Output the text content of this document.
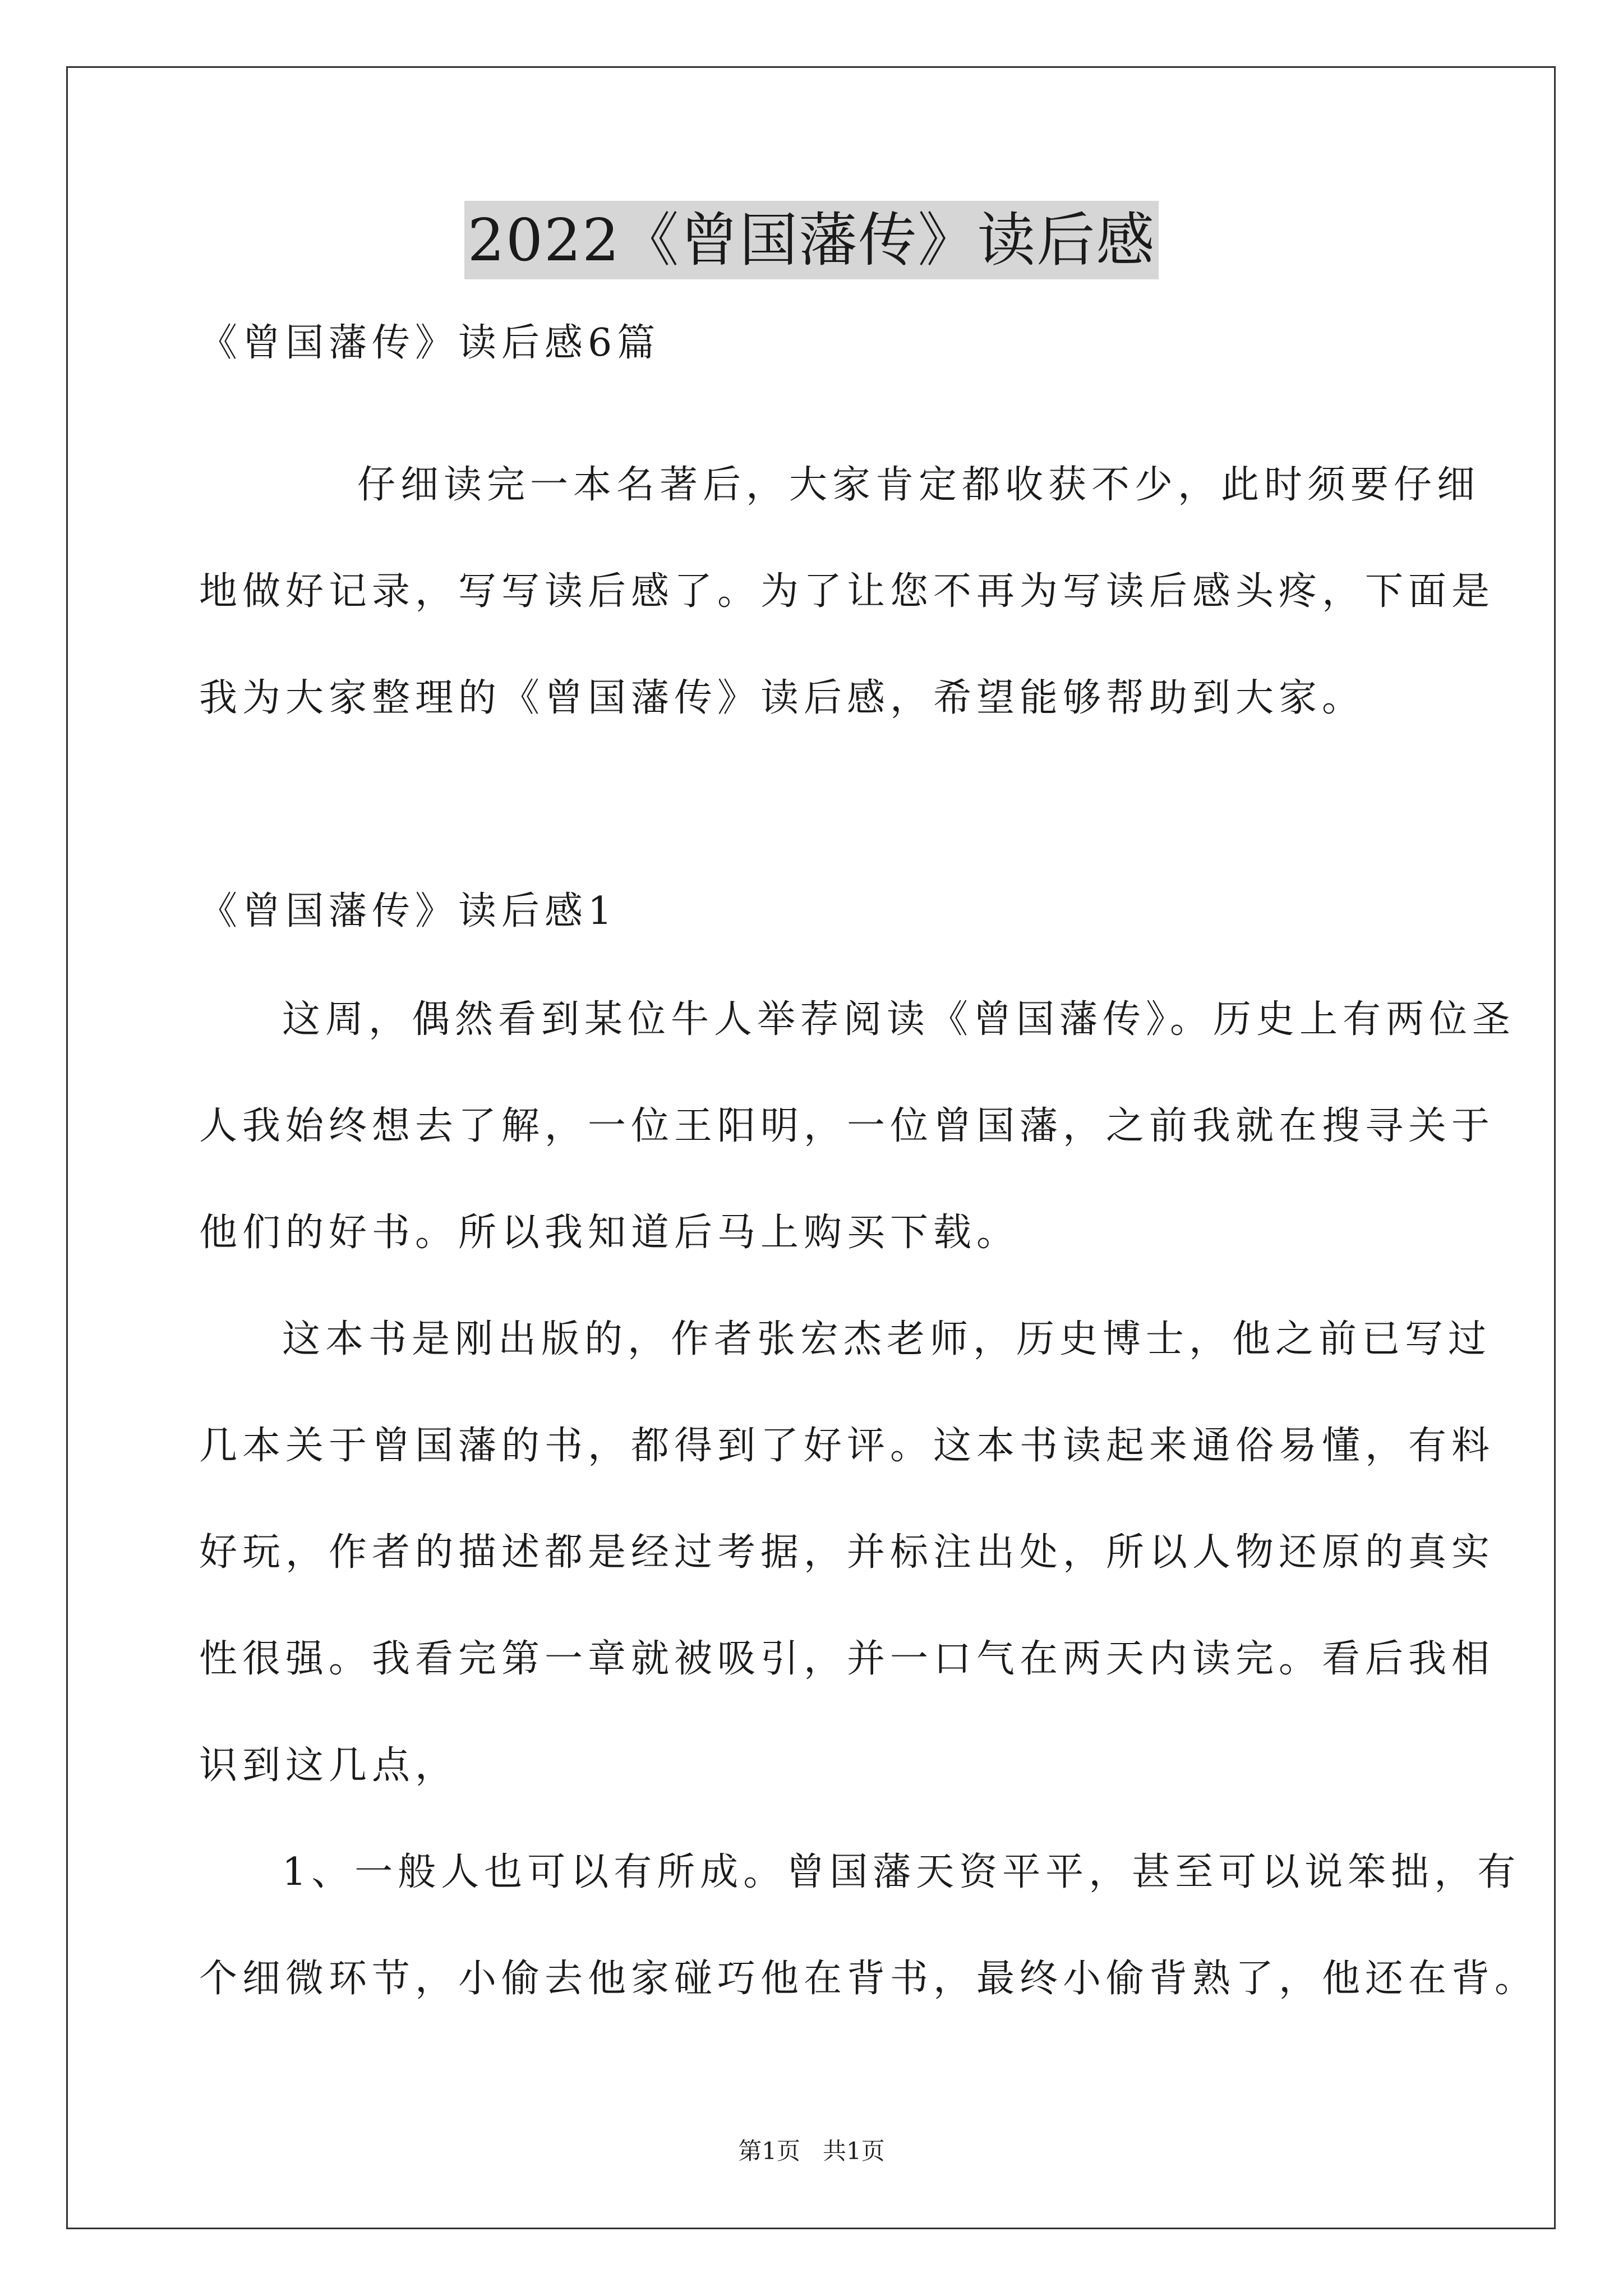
2022《曾国藩传》读后感
《曾国藩传》读后感6篇
仔细读完一本名著后，大家肯定都收获不少，此时须要仔细
地做好记录，写写读后感了。为了让您不再为写读后感头疼，下面是
我为大家整理的《曾国藩传》读后感，希望能够帮助到大家。
《曾国藩传》读后感1
这周，偶然看到某位牛人举荐阅读《曾国藩传》。历史上有两位圣
人我始终想去了解，一位王阳明，一位曾国藩，之前我就在搜寻关于
他们的好书。所以我知道后马上购买下载。
这本书是刚出版的，作者张宏杰老师，历史博士，他之前已写过
几本关于曾国藩的书，都得到了好评。这本书读起来通俗易懂，有料
好玩，作者的描述都是经过考据，并标注出处，所以人物还原的真实
性很强。我看完第一章就被吸引，并一口气在两天内读完。看后我相
识到这几点，
1、一般人也可以有所成。曾国藩天资平平，甚至可以说笨拙，有
个细微环节，小偷去他家碰巧他在背书，最终小偷背熟了，他还在背。
第1页   共1页
